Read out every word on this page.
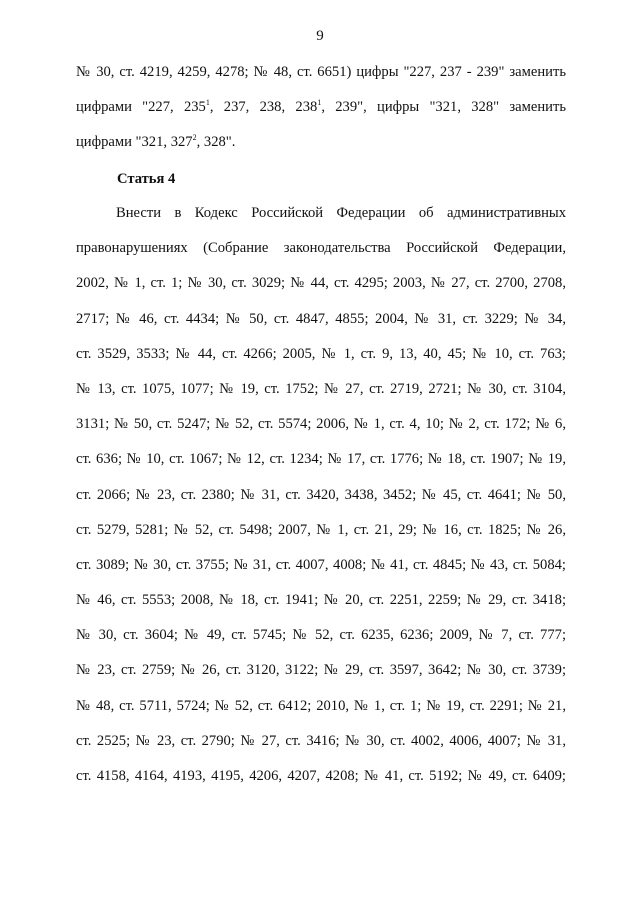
9
№ 30, ст. 4219, 4259, 4278; № 48, ст. 6651) цифры "227, 237 - 239" заменить
цифрами "227, $235^1$, 237, 238, $238^1$, 239", цифры "321, 328" заменить
цифрами "321, $327^2$, 328".
Статья 4
Внести в Кодекс Российской Федерации об административных
правонарушениях (Собрание законодательства Российской Федерации,
2002, № 1, ст. 1; № 30, ст. 3029; № 44, ст. 4295; 2003, № 27, ст. 2700, 2708,
2717; № 46, ст. 4434; № 50, ст. 4847, 4855; 2004, № 31, ст. 3229; № 34,
ст. 3529, 3533; № 44, ст. 4266; 2005, № 1, ст. 9, 13, 40, 45; № 10, ст. 763;
№ 13, ст. 1075, 1077; № 19, ст. 1752; № 27, ст. 2719, 2721; № 30, ст. 3104,
3131; № 50, ст. 5247; № 52, ст. 5574; 2006, № 1, ст. 4, 10; № 2, ст. 172; № 6,
ст. 636; № 10, ст. 1067; № 12, ст. 1234; № 17, ст. 1776; № 18, ст. 1907; № 19,
ст. 2066; № 23, ст. 2380; № 31, ст. 3420, 3438, 3452; № 45, ст. 4641; № 50,
ст. 5279, 5281; № 52, ст. 5498; 2007, № 1, ст. 21, 29; № 16, ст. 1825; № 26,
ст. 3089; № 30, ст. 3755; № 31, ст. 4007, 4008; № 41, ст. 4845; № 43, ст. 5084;
№ 46, ст. 5553; 2008, № 18, ст. 1941; № 20, ст. 2251, 2259; № 29, ст. 3418;
№ 30, ст. 3604; № 49, ст. 5745; № 52, ст. 6235, 6236; 2009, № 7, ст. 777;
№ 23, ст. 2759; № 26, ст. 3120, 3122; № 29, ст. 3597, 3642; № 30, ст. 3739;
№ 48, ст. 5711, 5724; № 52, ст. 6412; 2010, № 1, ст. 1; № 19, ст. 2291; № 21,
ст. 2525; № 23, ст. 2790; № 27, ст. 3416; № 30, ст. 4002, 4006, 4007; № 31,
ст. 4158, 4164, 4193, 4195, 4206, 4207, 4208; № 41, ст. 5192; № 49, ст. 6409;
